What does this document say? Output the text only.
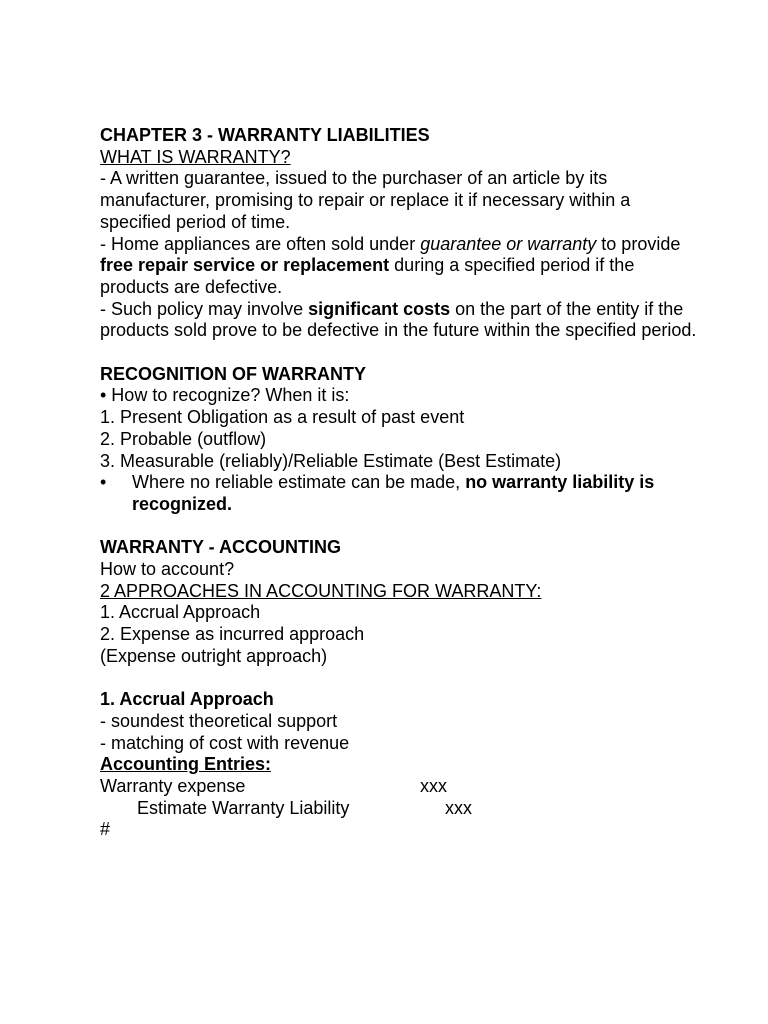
CHAPTER 3 - WARRANTY LIABILITIES

WHAT IS WARRANTY?

- A written guarantee, issued to the purchaser of an article by its manufacturer, promising to repair or replace it if necessary within a specified period of time.

- Home appliances are often sold under guarantee or warranty to provide free repair service or replacement during a specified period if the products are defective.

- Such policy may involve significant costs on the part of the entity if the products sold prove to be defective in the future within the specified period.

RECOGNITION OF WARRANTY

• How to recognize? When it is:

1. Present Obligation as a result of past event

2. Probable (outflow)

3. Measurable (reliably)/Reliable Estimate (Best Estimate)

•	Where no reliable estimate can be made, no warranty liability is recognized.

WARRANTY - ACCOUNTING

How to account?

2 APPROACHES IN ACCOUNTING FOR WARRANTY:

1. Accrual Approach

2. Expense as incurred approach

(Expense outright approach)

1. Accrual Approach

- soundest theoretical support

- matching of cost with revenue

Accounting Entries:

Warranty expense	xxx
Estimate Warranty Liability	xxx

#
